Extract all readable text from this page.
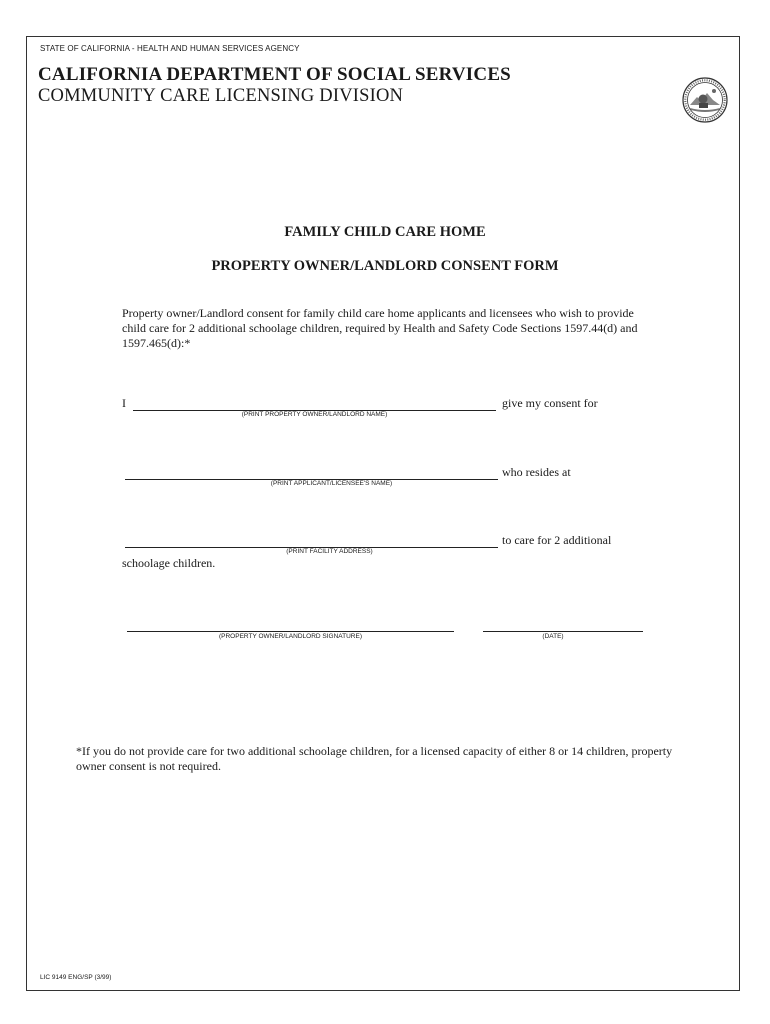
STATE OF CALIFORNIA - HEALTH AND HUMAN SERVICES AGENCY
CALIFORNIA DEPARTMENT OF SOCIAL SERVICES
COMMUNITY CARE LICENSING DIVISION
FAMILY CHILD CARE HOME
PROPERTY OWNER/LANDLORD CONSENT FORM
Property owner/Landlord consent for family child care home applicants and licensees who wish to provide child care for 2 additional schoolage children, required by Health and Safety Code Sections 1597.44(d) and 1597.465(d):*
I	give my consent for
(PRINT PROPERTY OWNER/LANDLORD NAME)
who resides at
(PRINT APPLICANT/LICENSEE'S NAME)
to care for 2 additional
(PRINT FACILITY ADDRESS)
schoolage children.
(PROPERTY OWNER/LANDLORD SIGNATURE)	(DATE)
*If you do not provide care for two additional schoolage children, for a licensed capacity of either 8 or 14 children, property owner consent is not required.
LIC 9149 ENG/SP (3/99)
